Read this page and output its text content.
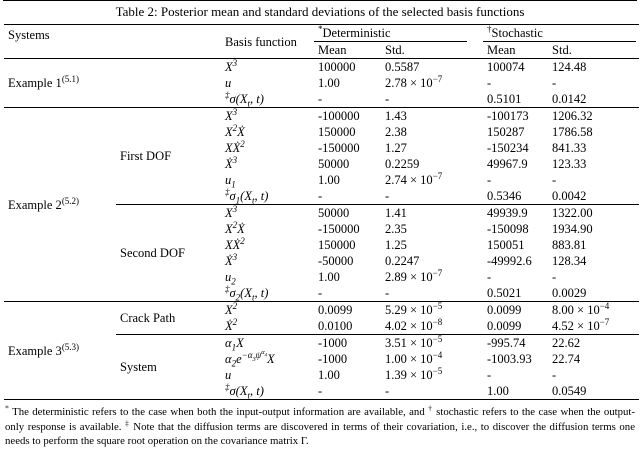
Table 2: Posterior mean and standard deviations of the selected basis functions
Systems		Basis function	*Deterministic		†Stochastic	

			Mean	Std.	Mean	Std.
Example $1^{(5.1)}$		$X^3$	100000	0.5587	100074	124.48
		u	1.00	$2.78 \times 10^{-7}$	-	-
		$^\ddagger\sigma(X_t$, t)	-	-	0.5101	0.0142
Example $2^{(5.2)}$	First DOF	$X^3$	-100000	1.43	-100173	1206.32
		$X^2Ẋ$	150000	2.38	150287	1786.58
		XẊ$^2$	-150000	1.27	-150234	841.33
		Ẋ$^3$	50000	0.2259	49967.9	123.33
		$u_1$	1.00	$2.74 \times 10^{-7}$	-	-
		$^\ddagger\sigma_1(X_t$, t)	-	-	0.5346	0.0042
	Second DOF	$X^3$	50000	1.41	49939.9	1322.00
		$X^2Ẋ$	-150000	2.35	-150098	1934.90
		XẊ$^2$	150000	1.25	150051	883.81
		Ẋ$^3$	-50000	0.2247	-49992.6	128.34
		$u_2$	1.00	$2.89 \times 10^{-7}$	-	-
		$^\ddagger\sigma_2(X_t$, t)	-	-	0.5021	0.0029
Example $3^{(5.3)}$	Crack Path	$X^2$	0.0099	$5.29 \times 10^{-5}$	0.0099	$8.00 \times 10^{-4}$
		Ẋ$^2$	0.0100	$4.02 \times 10^{-8}$	0.0099	$4.52 \times 10^{-7}$
	System	$\alpha_1X$	-1000	$3.51 \times 10^{-5}$	-995.74	22.62
		$\alpha_2e^{-\alpha_3\psi^{\alpha_4}}X$	-1000	$1.00 \times 10^{-4}$	-1003.93	22.74
		u	1.00	$1.39 \times 10^{-5}$	-	-
		$^\ddagger\sigma(X_t$, t)	-	-	1.00	0.0549
* The deterministic refers to the case when both the input-output information are available, and † stochastic refers to the case when the output-only response is available. ‡ Note that the diffusion terms are discovered in terms of their covariation, i.e., to discover the diffusion terms one needs to perform the square root operation on the covariance matrix Γ.
